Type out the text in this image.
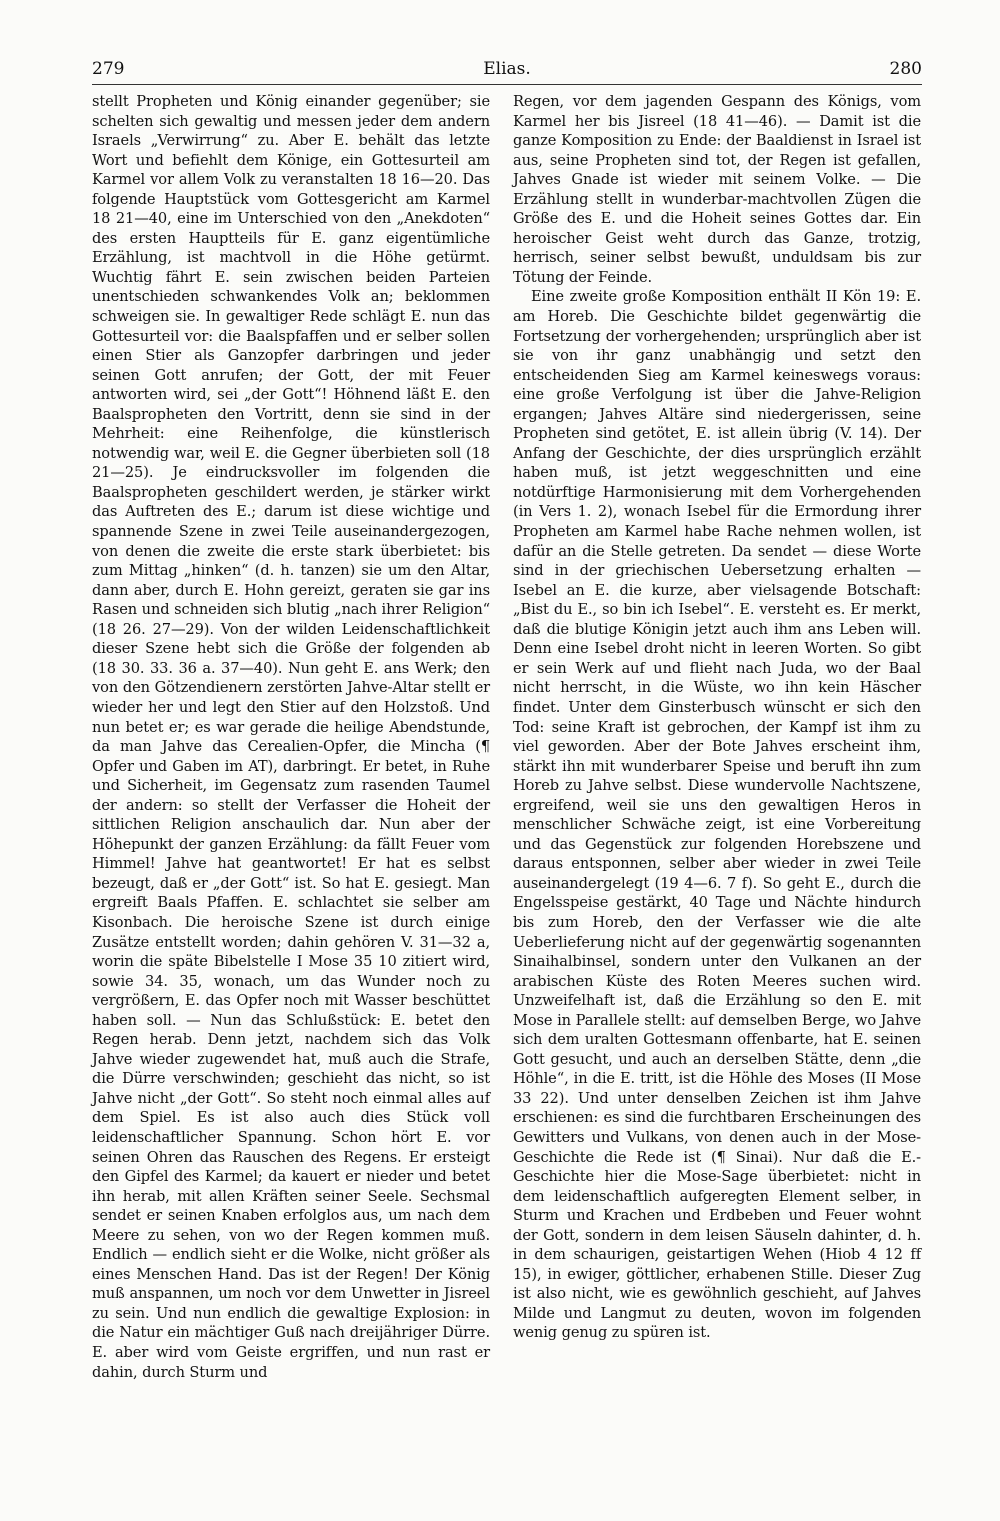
279	Elias.	280

stellt Propheten und König einander gegenüber; sie schelten sich gewaltig und messen jeder dem andern Israels „Verwirrung“ zu. Aber E. behält das letzte Wort und befiehlt dem Könige, ein Gottesurteil am Karmel vor allem Volk zu veranstalten 18 16—20. Das folgende Hauptstück vom Gottesgericht am Karmel 18 21—40, eine im Unterschied von den „Anekdoten“ des ersten Hauptteils für E. ganz eigentümliche Erzählung, ist machtvoll in die Höhe getürmt. Wuchtig fährt E. sein zwischen beiden Parteien unentschieden schwankendes Volk an; beklommen schweigen sie. In gewaltiger Rede schlägt E. nun das Gottesurteil vor: die Baalspfaffen und er selber sollen einen Stier als Ganzopfer darbringen und jeder seinen Gott anrufen; der Gott, der mit Feuer antworten wird, sei „der Gott“! Höhnend läßt E. den Baalspropheten den Vortritt, denn sie sind in der Mehrheit: eine Reihenfolge, die künstlerisch notwendig war, weil E. die Gegner überbieten soll (18 21—25). Je eindrucksvoller im folgenden die Baalspropheten geschildert werden, je stärker wirkt das Auftreten des E.; darum ist diese wichtige und spannende Szene in zwei Teile auseinandergezogen, von denen die zweite die erste stark überbietet: bis zum Mittag „hinken“ (d. h. tanzen) sie um den Altar, dann aber, durch E. Hohn gereizt, geraten sie gar ins Rasen und schneiden sich blutig „nach ihrer Religion“ (18 26. 27—29). Von der wilden Leidenschaftlichkeit dieser Szene hebt sich die Größe der folgenden ab (18 30. 33. 36 a. 37—40). Nun geht E. ans Werk; den von den Götzendienern zerstörten Jahve-Altar stellt er wieder her und legt den Stier auf den Holzstoß. Und nun betet er; es war gerade die heilige Abendstunde, da man Jahve das Cerealien-Opfer, die Mincha (¶ Opfer und Gaben im AT), darbringt. Er betet, in Ruhe und Sicherheit, im Gegensatz zum rasenden Taumel der andern: so stellt der Verfasser die Hoheit der sittlichen Religion anschaulich dar. Nun aber der Höhepunkt der ganzen Erzählung: da fällt Feuer vom Himmel! Jahve hat geantwortet! Er hat es selbst bezeugt, daß er „der Gott“ ist. So hat E. gesiegt. Man ergreift Baals Pfaffen. E. schlachtet sie selber am Kisonbach. Die heroische Szene ist durch einige Zusätze entstellt worden; dahin gehören V. 31—32 a, worin die späte Bibelstelle I Mose 35 10 zitiert wird, sowie 34. 35, wonach, um das Wunder noch zu vergrößern, E. das Opfer noch mit Wasser beschüttet haben soll. — Nun das Schlußstück: E. betet den Regen herab. Denn jetzt, nachdem sich das Volk Jahve wieder zugewendet hat, muß auch die Strafe, die Dürre verschwinden; geschieht das nicht, so ist Jahve nicht „der Gott“. So steht noch einmal alles auf dem Spiel. Es ist also auch dies Stück voll leidenschaftlicher Spannung. Schon hört E. vor seinen Ohren das Rauschen des Regens. Er ersteigt den Gipfel des Karmel; da kauert er nieder und betet ihn herab, mit allen Kräften seiner Seele. Sechsmal sendet er seinen Knaben erfolglos aus, um nach dem Meere zu sehen, von wo der Regen kommen muß. Endlich — endlich sieht er die Wolke, nicht größer als eines Menschen Hand. Das ist der Regen! Der König muß anspannen, um noch vor dem Unwetter in Jisreel zu sein. Und nun endlich die gewaltige Explosion: in die Natur ein mächtiger Guß nach dreijähriger Dürre. E. aber wird vom Geiste ergriffen, und nun rast er dahin, durch Sturm und

Regen, vor dem jagenden Gespann des Königs, vom Karmel her bis Jisreel (18 41—46). — Damit ist die ganze Komposition zu Ende: der Baaldienst in Israel ist aus, seine Propheten sind tot, der Regen ist gefallen, Jahves Gnade ist wieder mit seinem Volke. — Die Erzählung stellt in wunderbar-machtvollen Zügen die Größe des E. und die Hoheit seines Gottes dar. Ein heroischer Geist weht durch das Ganze, trotzig, herrisch, seiner selbst bewußt, unduldsam bis zur Tötung der Feinde.

Eine zweite große Komposition enthält II Kön 19: E. am Horeb. Die Geschichte bildet gegenwärtig die Fortsetzung der vorhergehenden; ursprünglich aber ist sie von ihr ganz unabhängig und setzt den entscheidenden Sieg am Karmel keineswegs voraus: eine große Verfolgung ist über die Jahve-Religion ergangen; Jahves Altäre sind niedergerissen, seine Propheten sind getötet, E. ist allein übrig (V. 14). Der Anfang der Geschichte, der dies ursprünglich erzählt haben muß, ist jetzt weggeschnitten und eine notdürftige Harmonisierung mit dem Vorhergehenden (in Vers 1. 2), wonach Isebel für die Ermordung ihrer Propheten am Karmel habe Rache nehmen wollen, ist dafür an die Stelle getreten. Da sendet — diese Worte sind in der griechischen Uebersetzung erhalten — Isebel an E. die kurze, aber vielsagende Botschaft: „Bist du E., so bin ich Isebel“. E. versteht es. Er merkt, daß die blutige Königin jetzt auch ihm ans Leben will. Denn eine Isebel droht nicht in leeren Worten. So gibt er sein Werk auf und flieht nach Juda, wo der Baal nicht herrscht, in die Wüste, wo ihn kein Häscher findet. Unter dem Ginsterbusch wünscht er sich den Tod: seine Kraft ist gebrochen, der Kampf ist ihm zu viel geworden. Aber der Bote Jahves erscheint ihm, stärkt ihn mit wunderbarer Speise und beruft ihn zum Horeb zu Jahve selbst. Diese wundervolle Nachtszene, ergreifend, weil sie uns den gewaltigen Heros in menschlicher Schwäche zeigt, ist eine Vorbereitung und das Gegenstück zur folgenden Horebszene und daraus entsponnen, selber aber wieder in zwei Teile auseinandergelegt (19 4—6. 7 f). So geht E., durch die Engelsspeise gestärkt, 40 Tage und Nächte hindurch bis zum Horeb, den der Verfasser wie die alte Ueberlieferung nicht auf der gegenwärtig sogenannten Sinaihalbinsel, sondern unter den Vulkanen an der arabischen Küste des Roten Meeres suchen wird. Unzweifelhaft ist, daß die Erzählung so den E. mit Mose in Parallele stellt: auf demselben Berge, wo Jahve sich dem uralten Gottesmann offenbarte, hat E. seinen Gott gesucht, und auch an derselben Stätte, denn „die Höhle“, in die E. tritt, ist die Höhle des Moses (II Mose 33 22). Und unter denselben Zeichen ist ihm Jahve erschienen: es sind die furchtbaren Erscheinungen des Gewitters und Vulkans, von denen auch in der Mose-Geschichte die Rede ist (¶ Sinai). Nur daß die E.-Geschichte hier die Mose-Sage überbietet: nicht in dem leidenschaftlich aufgeregten Element selber, in Sturm und Krachen und Erdbeben und Feuer wohnt der Gott, sondern in dem leisen Säuseln dahinter, d. h. in dem schaurigen, geistartigen Wehen (Hiob 4 12 ff 15), in ewiger, göttlicher, erhabenen Stille. Dieser Zug ist also nicht, wie es gewöhnlich geschieht, auf Jahves Milde und Langmut zu deuten, wovon im folgenden wenig genug zu spüren ist.
